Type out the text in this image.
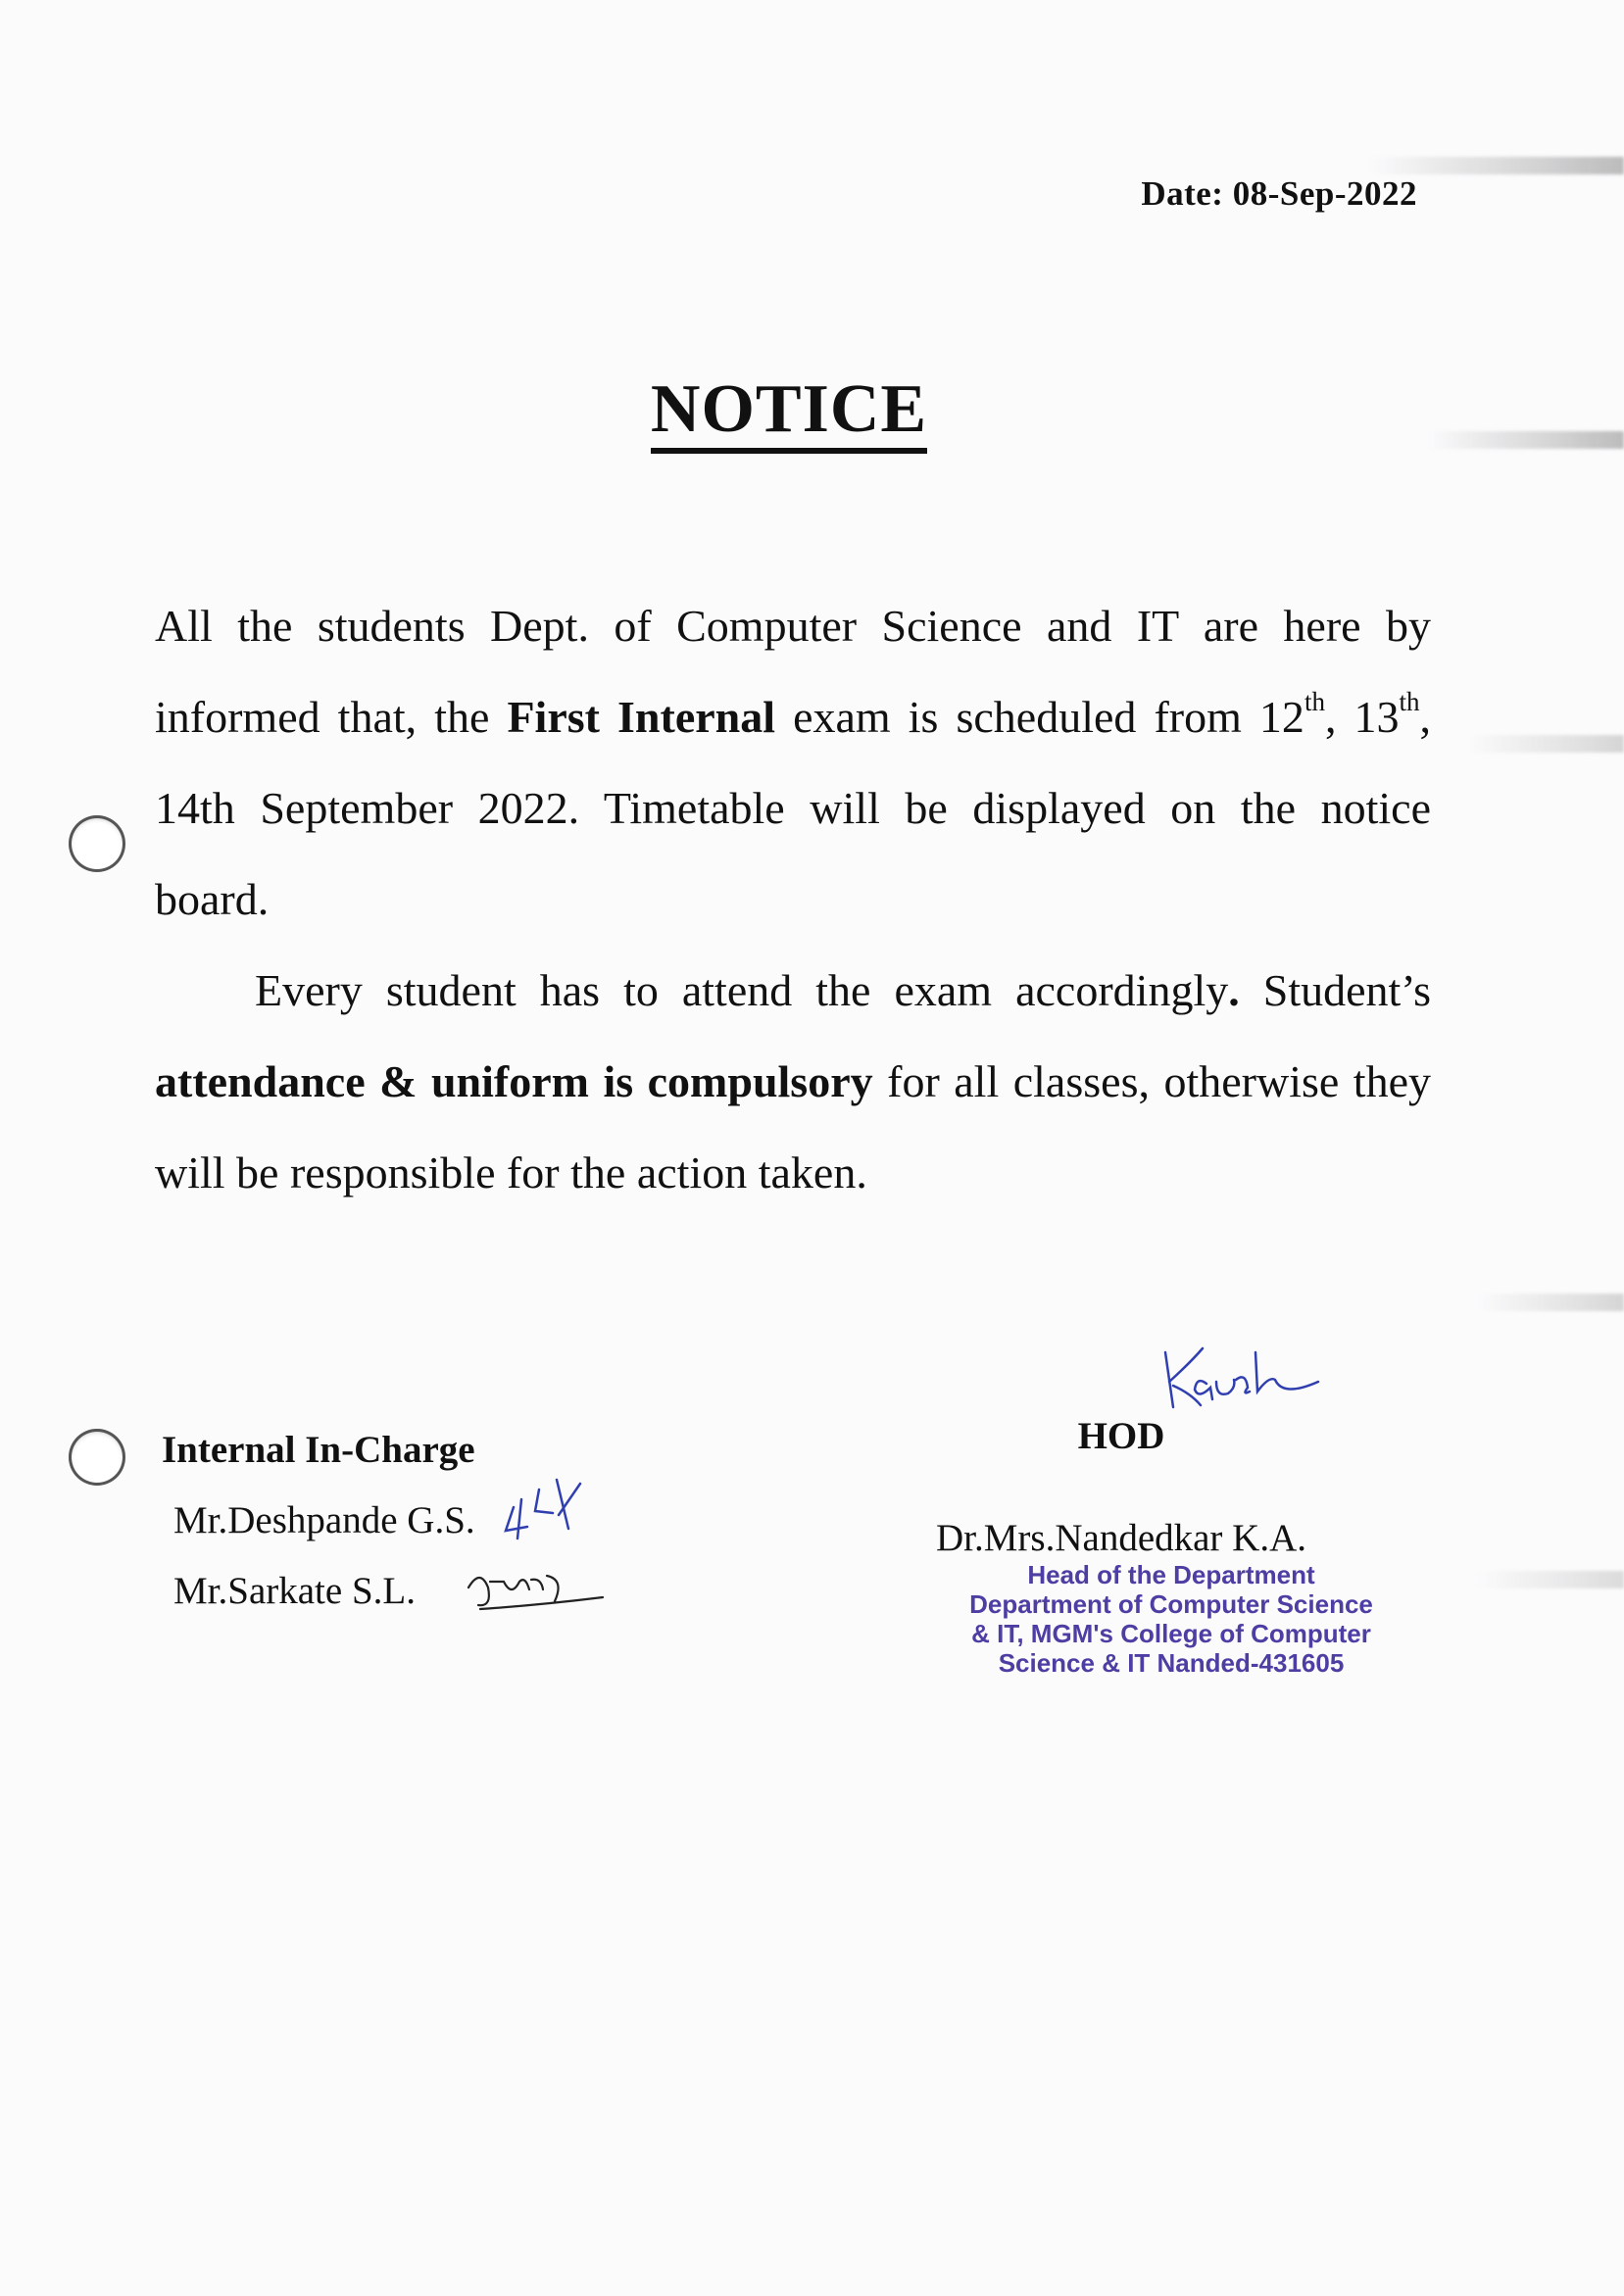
Date: 08-Sep-2022
NOTICE

All the students Dept. of Computer Science and IT are here by informed that, the First Internal exam is scheduled from 12th, 13th, 14th September 2022. Timetable will be displayed on the notice board.

Every student has to attend the exam accordingly. Student’s attendance & uniform is compulsory for all classes, otherwise they will be responsible for the action taken.

Internal In-Charge
Mr.Deshpande G.S.
Mr.Sarkate S.L.
HOD
Dr.Mrs.Nandedkar K.A.
Head of the Department
Department of Computer Science
& IT, MGM's College of Computer
Science & IT Nanded-431605
